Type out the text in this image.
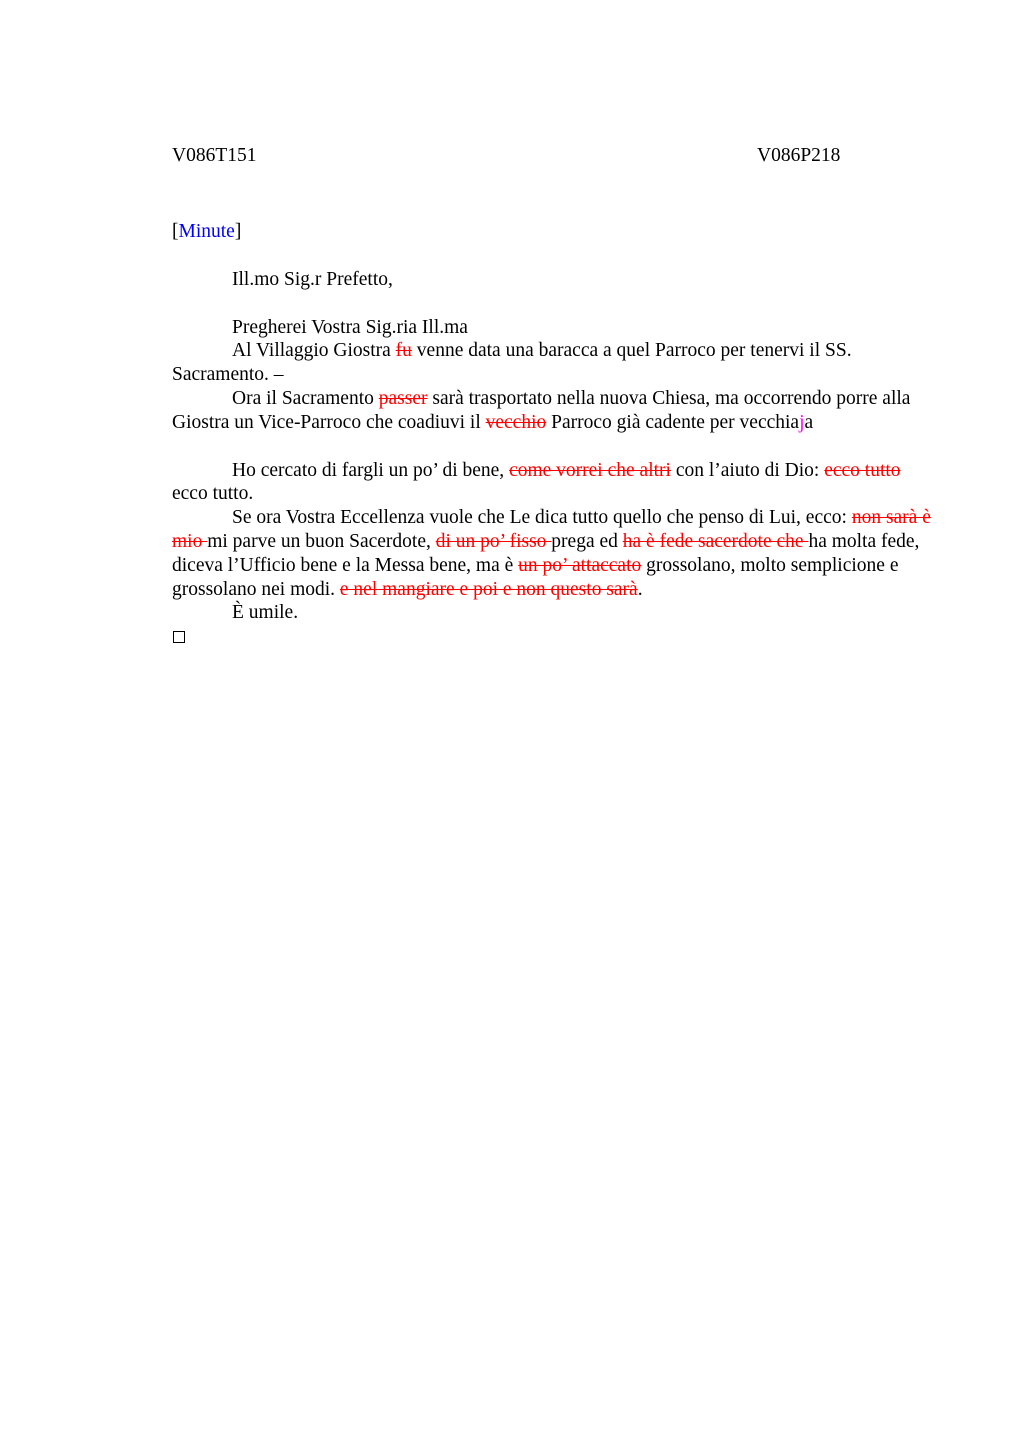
V086T151	V086P218

[Minute]

Ill.mo Sig.r Prefetto,

Pregherei Vostra Sig.ria Ill.ma

Al Villaggio Giostra fu venne data una baracca a quel Parroco per tenervi il SS. Sacramento. –

Ora il Sacramento passer sarà trasportato nella nuova Chiesa, ma occorrendo porre alla Giostra un Vice-Parroco che coadiuvi il vecchio Parroco già cadente per vecchiaja

Ho cercato di fargli un po’ di bene, come vorrei che altri con l’aiuto di Dio: ecco tutto ecco tutto.

Se ora Vostra Eccellenza vuole che Le dica tutto quello che penso di Lui, ecco: non sarà è mio mi parve un buon Sacerdote, di un po’ fisso prega ed ha è fede sacerdote che ha molta fede, diceva l’Ufficio bene e la Messa bene, ma è un po’ attaccato grossolano, molto semplicione e grossolano nei modi. e nel mangiare e poi e non questo sarà.

È umile.
